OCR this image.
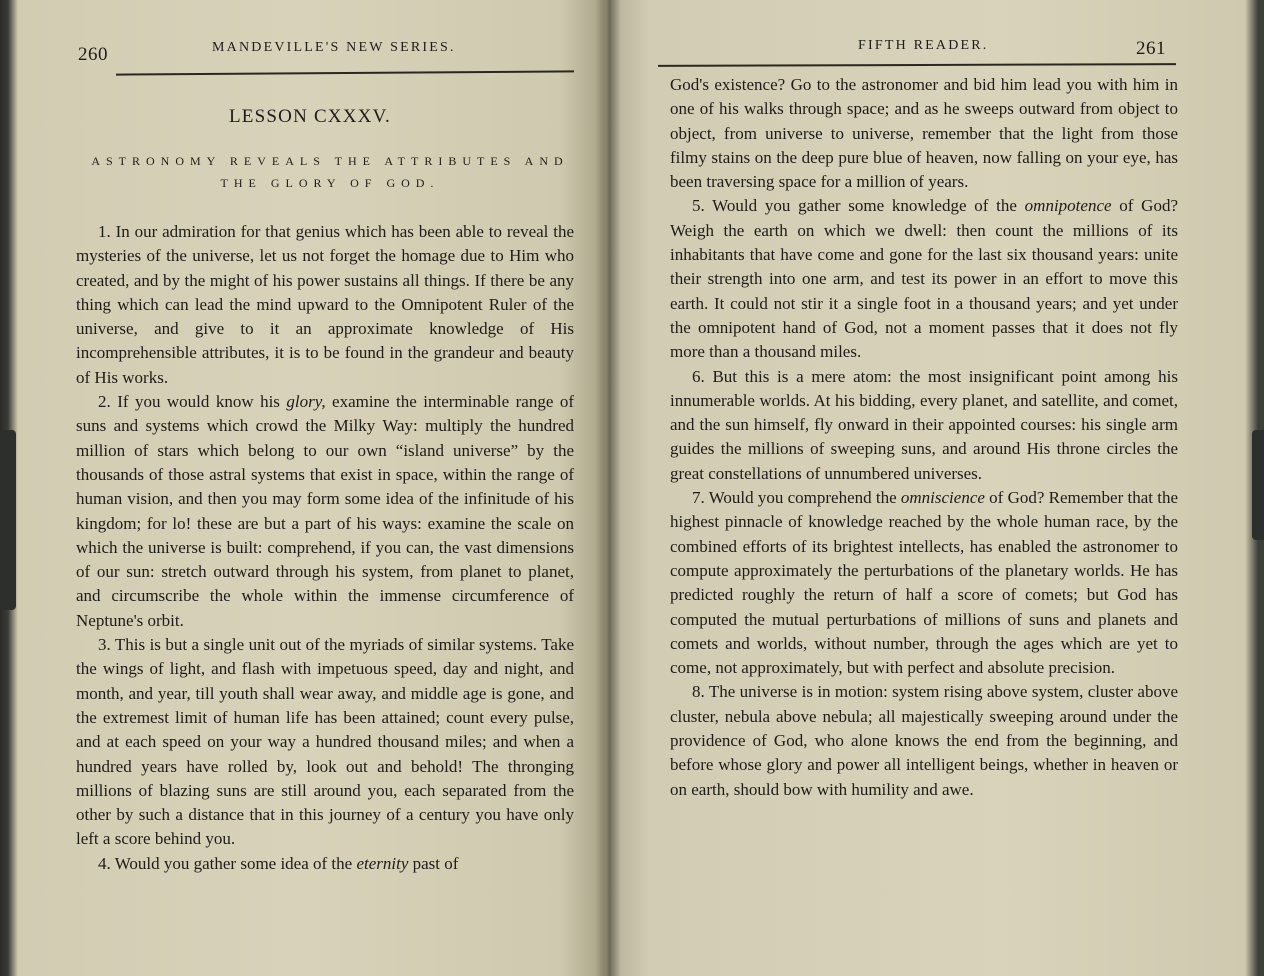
260	MANDEVILLE'S NEW SERIES.
LESSON CXXXV.
ASTRONOMY REVEALS THE ATTRIBUTES AND
THE GLORY OF GOD.

1. In our admiration for that genius which has been able to reveal the mysteries of the universe, let us not forget the homage due to Him who created, and by the might of his power sustains all things. If there be any thing which can lead the mind upward to the Omnipotent Ruler of the universe, and give to it an approximate knowledge of His incomprehensible attributes, it is to be found in the grandeur and beauty of His works.

2. If you would know his glory, examine the interminable range of suns and systems which crowd the Milky Way: multiply the hundred million of stars which belong to our own “island universe” by the thousands of those astral systems that exist in space, within the range of human vision, and then you may form some idea of the infinitude of his kingdom; for lo! these are but a part of his ways: examine the scale on which the universe is built: comprehend, if you can, the vast dimensions of our sun: stretch outward through his system, from planet to planet, and circumscribe the whole within the immense circumference of Neptune's orbit.

3. This is but a single unit out of the myriads of similar systems. Take the wings of light, and flash with impetuous speed, day and night, and month, and year, till youth shall wear away, and middle age is gone, and the extremest limit of human life has been attained; count every pulse, and at each speed on your way a hundred thousand miles; and when a hundred years have rolled by, look out and behold! The thronging millions of blazing suns are still around you, each separated from the other by such a distance that in this journey of a century you have only left a score behind you.

4. Would you gather some idea of the eternity past of

FIFTH READER.	261

God's existence? Go to the astronomer and bid him lead you with him in one of his walks through space; and as he sweeps outward from object to object, from universe to universe, remember that the light from those filmy stains on the deep pure blue of heaven, now falling on your eye, has been traversing space for a million of years.

5. Would you gather some knowledge of the omnipotence of God? Weigh the earth on which we dwell: then count the millions of its inhabitants that have come and gone for the last six thousand years: unite their strength into one arm, and test its power in an effort to move this earth. It could not stir it a single foot in a thousand years; and yet under the omnipotent hand of God, not a moment passes that it does not fly more than a thousand miles.

6. But this is a mere atom: the most insignificant point among his innumerable worlds. At his bidding, every planet, and satellite, and comet, and the sun himself, fly onward in their appointed courses: his single arm guides the millions of sweeping suns, and around His throne circles the great constellations of unnumbered universes.

7. Would you comprehend the omniscience of God? Remember that the highest pinnacle of knowledge reached by the whole human race, by the combined efforts of its brightest intellects, has enabled the astronomer to compute approximately the perturbations of the planetary worlds. He has predicted roughly the return of half a score of comets; but God has computed the mutual perturbations of millions of suns and planets and comets and worlds, without number, through the ages which are yet to come, not approximately, but with perfect and absolute precision.

8. The universe is in motion: system rising above system, cluster above cluster, nebula above nebula; all majestically sweeping around under the providence of God, who alone knows the end from the beginning, and before whose glory and power all intelligent beings, whether in heaven or on earth, should bow with humility and awe.
